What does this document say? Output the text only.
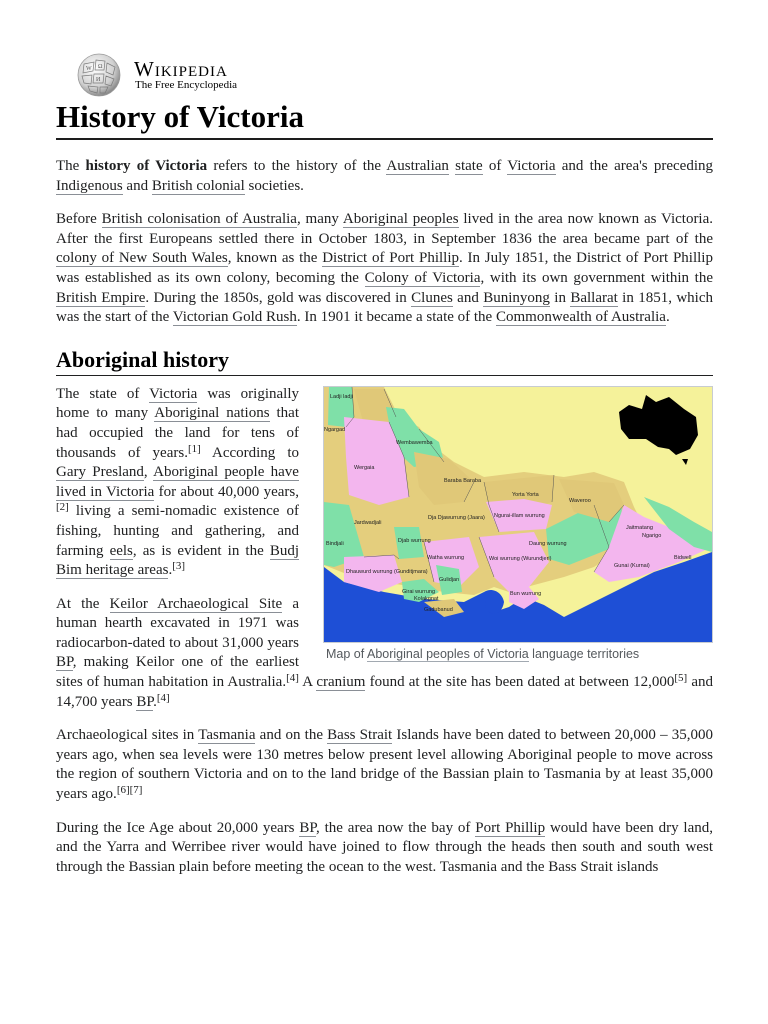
W Ω
И Wikipedia
The Free Encyclopedia
History of Victoria

The history of Victoria refers to the history of the Australian state of Victoria and the area's preceding Indigenous and British colonial societies.

Before British colonisation of Australia, many Aboriginal peoples lived in the area now known as Victoria. After the first Europeans settled there in October 1803, in September 1836 the area became part of the colony of New South Wales, known as the District of Port Phillip. In July 1851, the District of Port Phillip was established as its own colony, becoming the Colony of Victoria, with its own government within the British Empire. During the 1850s, gold was discovered in Clunes and Buninyong in Ballarat in 1851, which was the start of the Victorian Gold Rush. In 1901 it became a state of the Commonwealth of Australia.

Aboriginal history
Ladji ladji
Ngargad
Wembawemba
Wergaia
Baraba Baraba
Yorta Yorta
Waveroo
Jaitmatang
Ngarigo
Bidwell
Jardwadjali
Dja Djawurrung (Jaara) Ngurai-illam wurrung
Daung wurrung
Bindjali	Djab wurrung
Watha wurrung	Woi wurrung (Wurundjeri)
Gunai (Kurnai)
Dhauwurd wurrung (Gunditjmara)
Girai wurrung
Gulidjan
Kolakgnat
Bun wurrung
Gadubanud
Map of Aboriginal peoples of Victoria language territories

The state of Victoria was originally home to many Aboriginal nations that had occupied the land for tens of thousands of years.[1] According to Gary Presland, Aboriginal people have lived in Victoria for about 40,000 years,[2] living a semi-nomadic existence of fishing, hunting and gathering, and farming eels, as is evident in the Budj Bim heritage areas.[3]

At the Keilor Archaeological Site a human hearth excavated in 1971 was radiocarbon-dated to about 31,000 years BP, making Keilor one of the earliest sites of human habitation in Australia.[4] A cranium found at the site has been dated at between 12,000[5] and 14,700 years BP.[4]

Archaeological sites in Tasmania and on the Bass Strait Islands have been dated to between 20,000 – 35,000 years ago, when sea levels were 130 metres below present level allowing Aboriginal people to move across the region of southern Victoria and on to the land bridge of the Bassian plain to Tasmania by at least 35,000 years ago.[6][7]

During the Ice Age about 20,000 years BP, the area now the bay of Port Phillip would have been dry land, and the Yarra and Werribee river would have joined to flow through the heads then south and south west through the Bassian plain before meeting the ocean to the west. Tasmania and the Bass Strait islands
